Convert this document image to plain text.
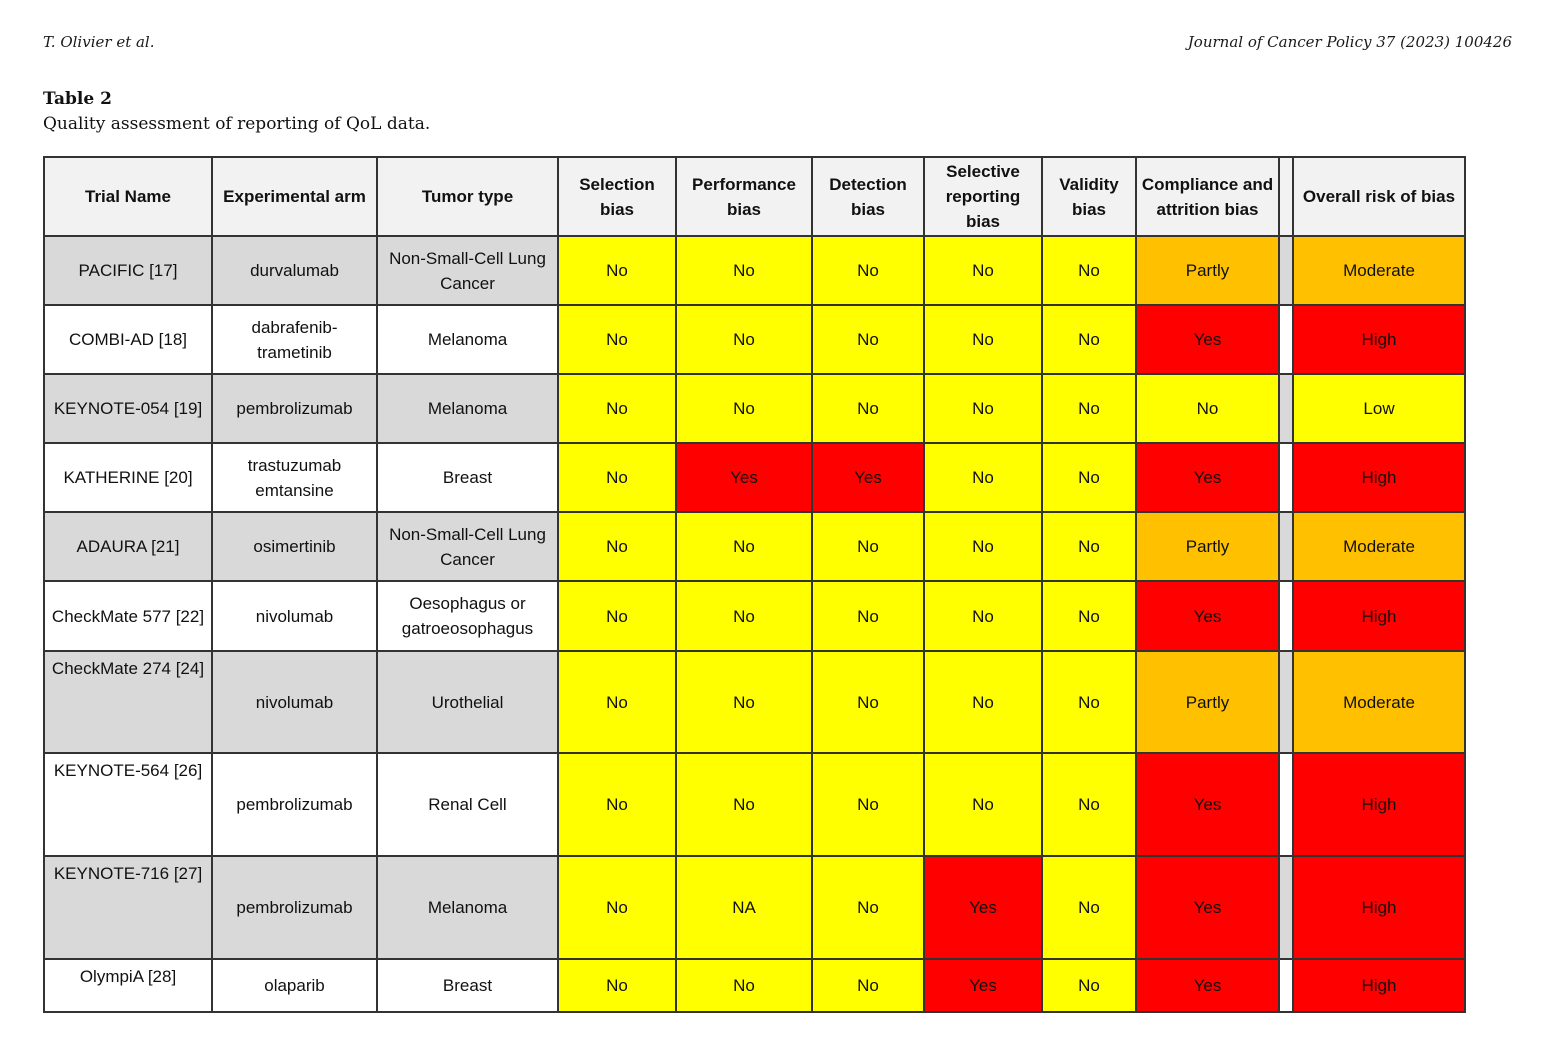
T. Olivier et al.	Journal of Cancer Policy 37 (2023) 100426
Table 2
Quality assessment of reporting of QoL data.
Trial Name	Experimental arm	Tumor type	Selection bias	Performance bias	Detection bias	Selective reporting bias	Validity bias	Compliance and attrition bias		Overall risk of bias
PACIFIC [17]	durvalumab	Non-Small-Cell Lung Cancer	No	No	No	No	No	Partly		Moderate
COMBI-AD [18]	dabrafenib-trametinib	Melanoma	No	No	No	No	No	Yes		High
KEYNOTE-054 [19]	pembrolizumab	Melanoma	No	No	No	No	No	No		Low
KATHERINE [20]	trastuzumab emtansine	Breast	No	Yes	Yes	No	No	Yes		High
ADAURA [21]	osimertinib	Non-Small-Cell Lung Cancer	No	No	No	No	No	Partly		Moderate
CheckMate 577 [22]	nivolumab	Oesophagus or gatroeosophagus	No	No	No	No	No	Yes		High
CheckMate 274 [24]	nivolumab	Urothelial	No	No	No	No	No	Partly		Moderate
KEYNOTE-564 [26]	pembrolizumab	Renal Cell	No	No	No	No	No	Yes		High
KEYNOTE-716 [27]	pembrolizumab	Melanoma	No	NA	No	Yes	No	Yes		High
OlympiA [28]	olaparib	Breast	No	No	No	Yes	No	Yes		High
